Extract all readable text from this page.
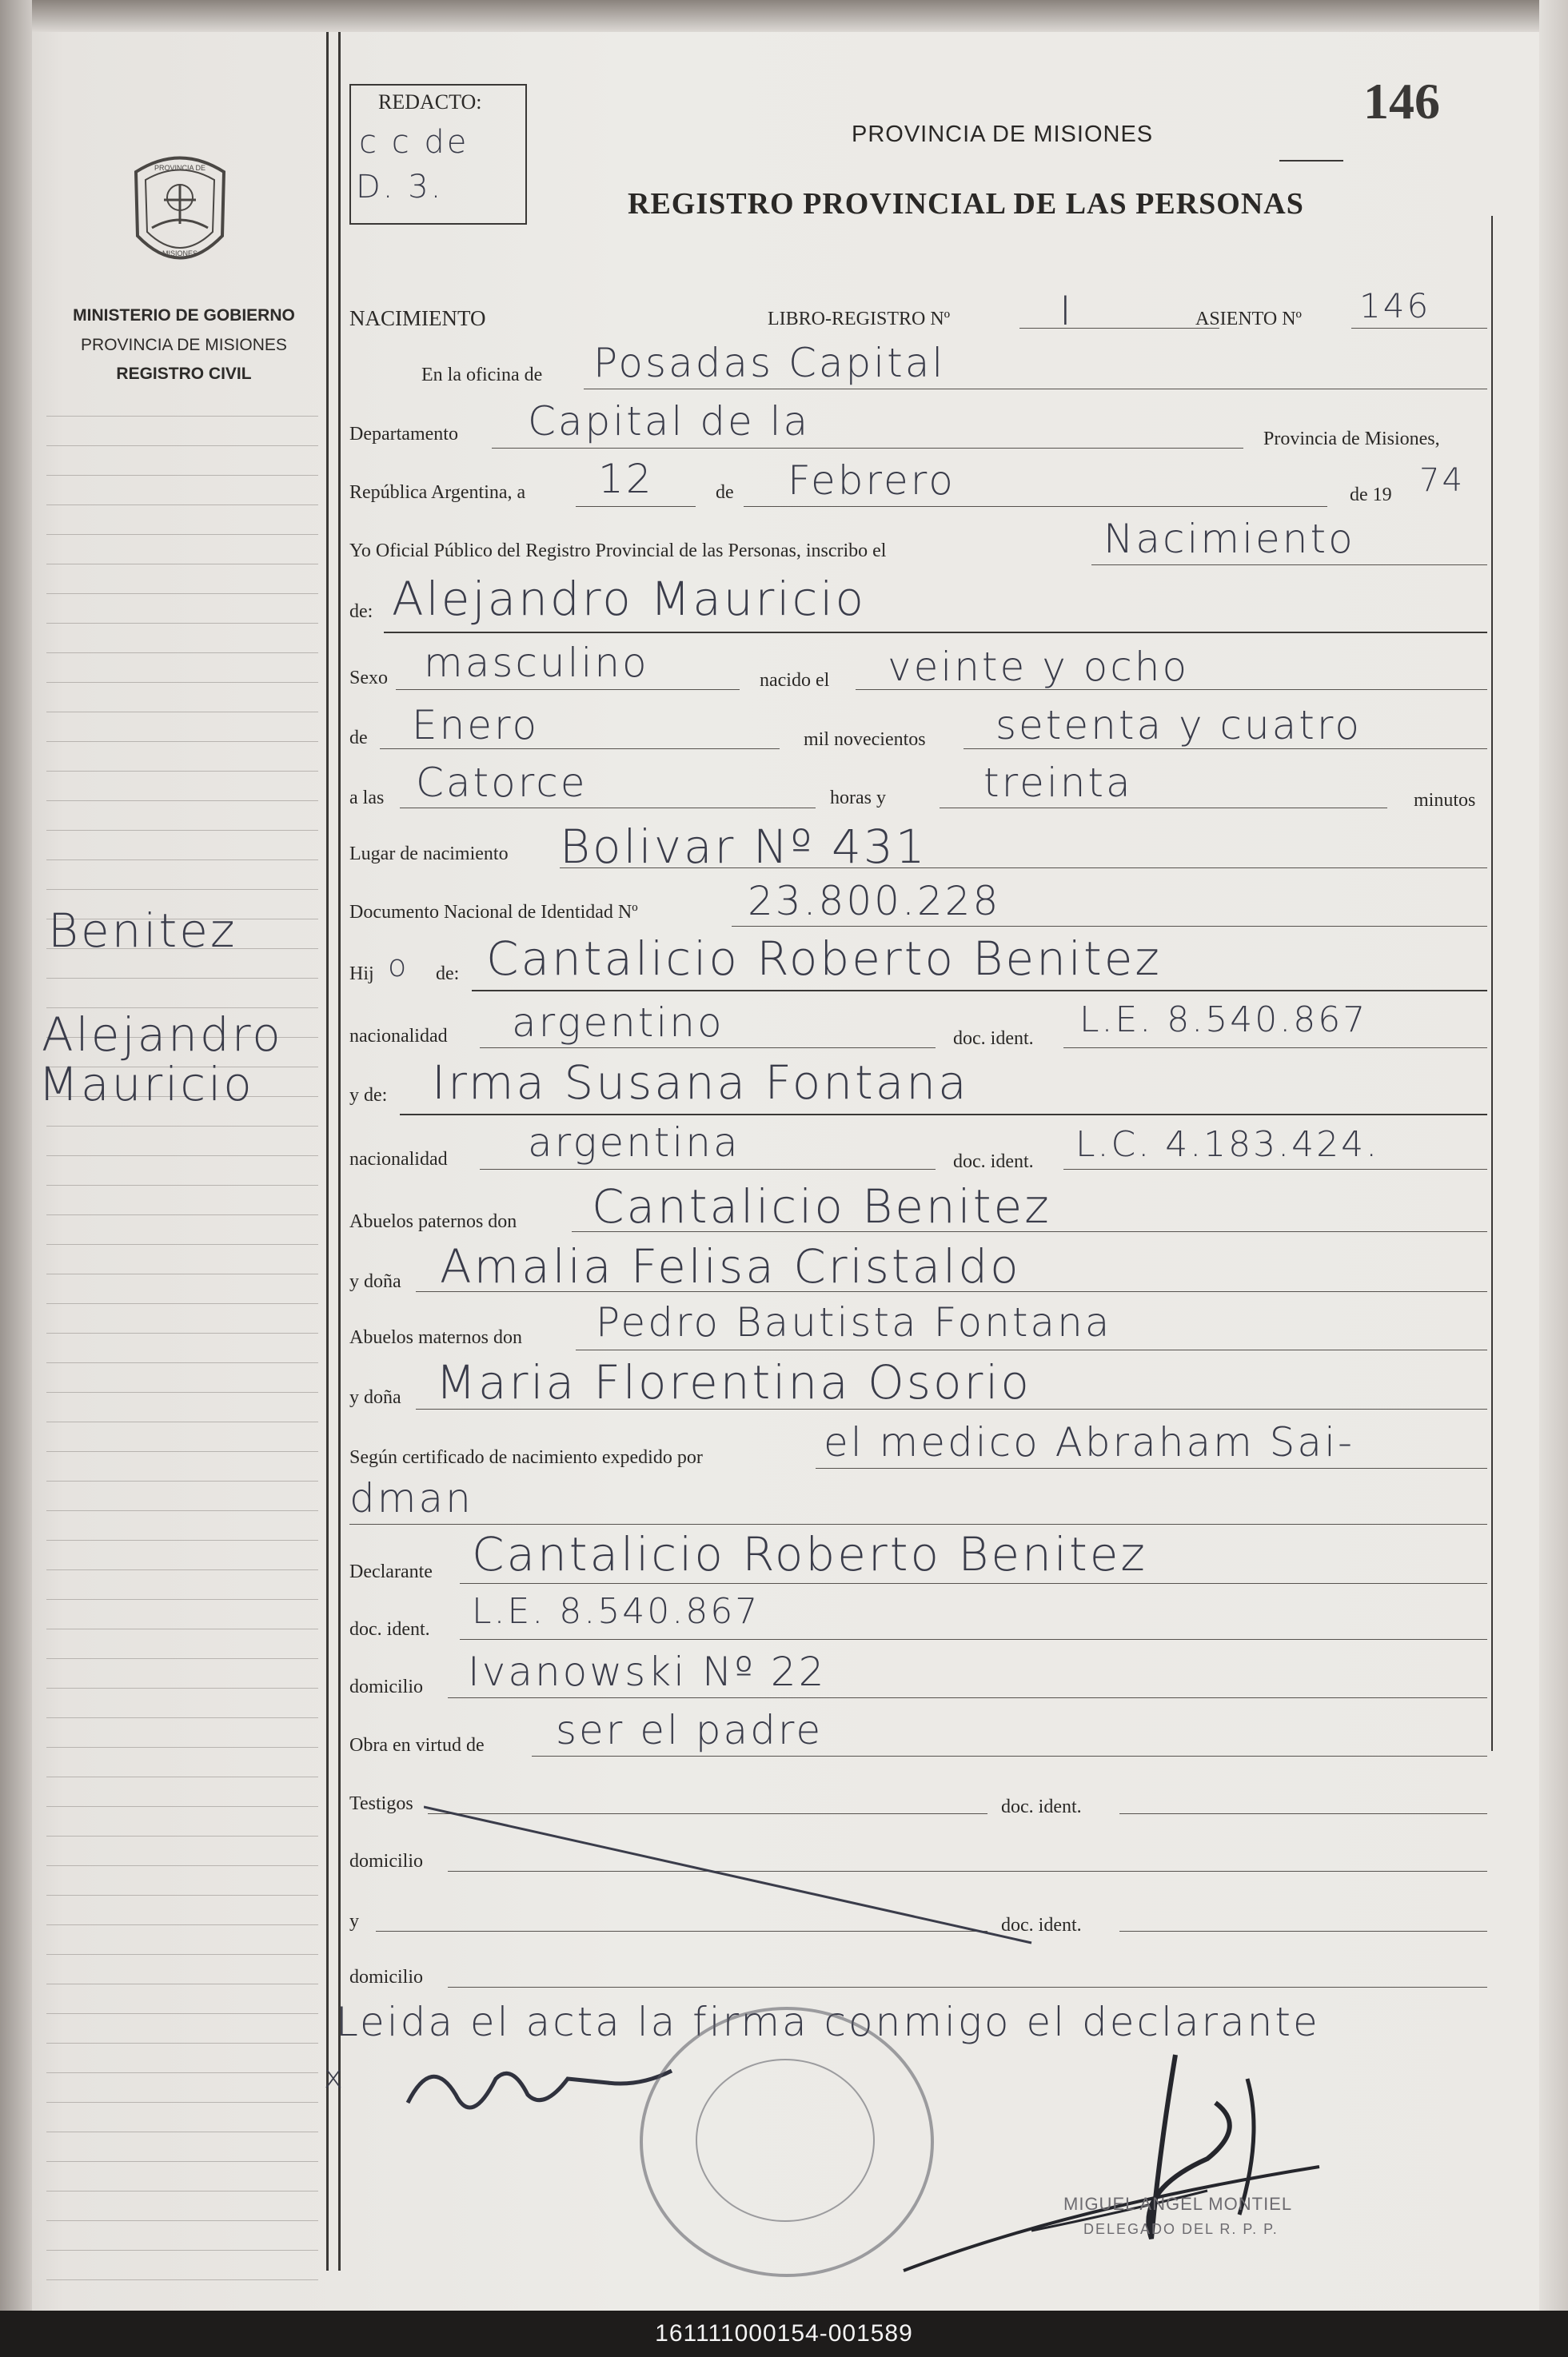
PROVINCIA DE
MISIONES
MINISTERIO DE GOBIERNO
PROVINCIA DE MISIONES
REGISTRO CIVIL
Benitez
Alejandro
Mauricio
REDACTO:
c c de
D. 3.
146
PROVINCIA DE MISIONES
REGISTRO PROVINCIAL DE LAS PERSONAS
NACIMIENTO	LIBRO-REGISTRO Nº	I	ASIENTO Nº 146
En la oficina de Posadas Capital
Departamento Capital de la	Provincia de Misiones,
República Argentina, a 12	de Febrero	de 19 74
Yo Oficial Público del Registro Provincial de las Personas, inscribo el	Nacimiento
de: Alejandro Mauricio
Sexo masculino	nacido el veinte y ocho
de Enero	mil novecientos setenta y cuatro
a las Catorce	horas y treinta	minutos
Lugar de nacimiento Bolivar Nº 431
Documento Nacional de Identidad Nº	23.800.228
Hij o de: Cantalicio Roberto Benitez
nacionalidad argentino	doc. ident. L.E. 8.540.867
y de: Irma Susana Fontana
nacionalidad argentina	doc. ident. L.C. 4.183.424.
Abuelos paternos don Cantalicio Benitez
y doña Amalia Felisa Cristaldo
Abuelos maternos don Pedro Bautista Fontana
y doña Maria Florentina Osorio
Según certificado de nacimiento expedido por	el medico Abraham Sai-
dman
Declarante Cantalicio Roberto Benitez
doc. ident. L.E. 8.540.867
domicilio Ivanowski Nº 22
Obra en virtud de ser el padre
Testigos	doc. ident.
domicilio
y	doc. ident.
domicilio
Leida el acta la firma conmigo el declarante
x
MIGUEL ANGEL MONTIEL
DELEGADO DEL R. P. P.
161111000154-001589
